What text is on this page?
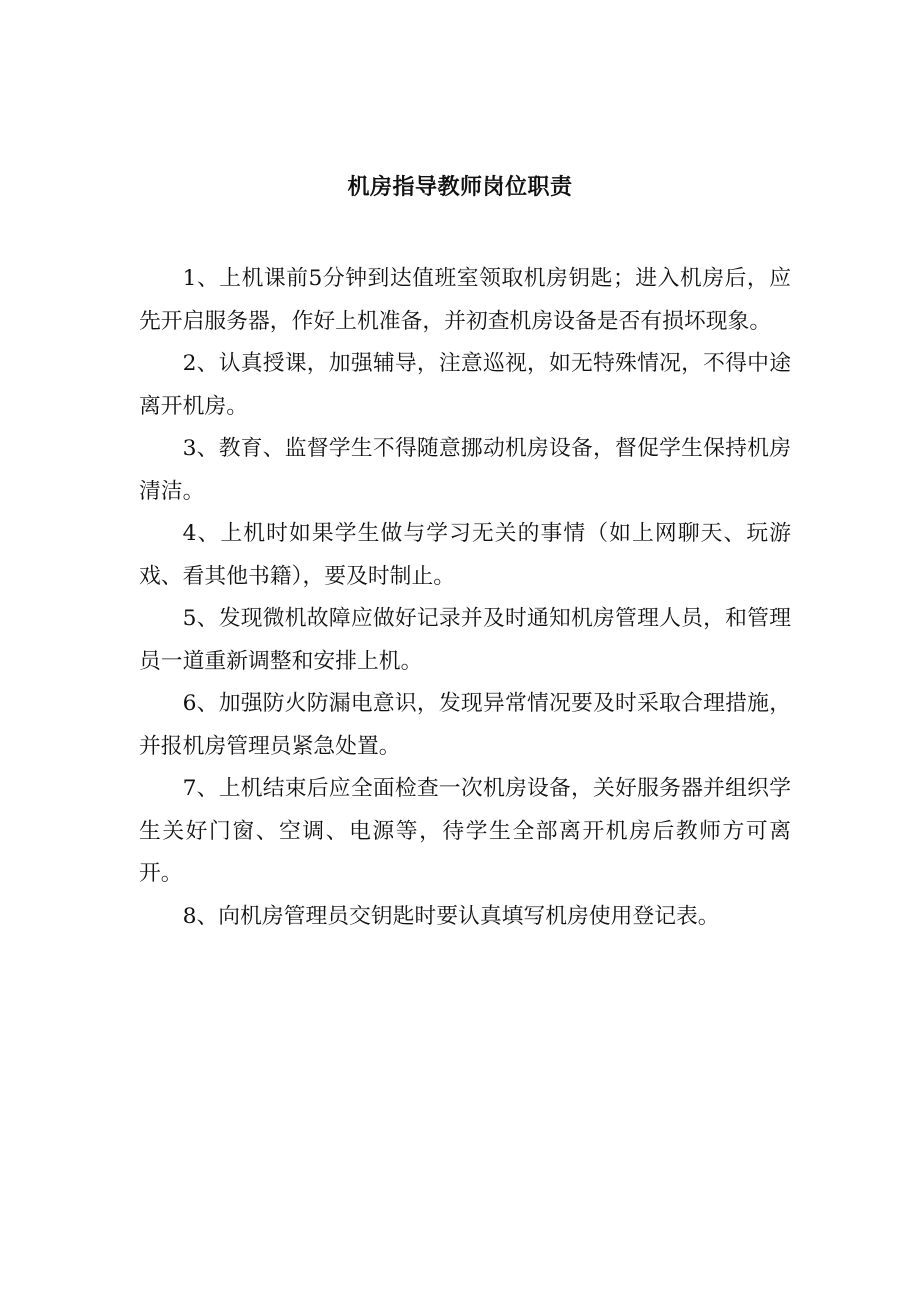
机房指导教师岗位职责

1、上机课前5分钟到达值班室领取机房钥匙；进入机房后，应先开启服务器，作好上机准备，并初查机房设备是否有损坏现象。

2、认真授课，加强辅导，注意巡视，如无特殊情况，不得中途离开机房。

3、教育、监督学生不得随意挪动机房设备，督促学生保持机房清洁。

4、上机时如果学生做与学习无关的事情（如上网聊天、玩游戏、看其他书籍），要及时制止。

5、发现微机故障应做好记录并及时通知机房管理人员，和管理员一道重新调整和安排上机。

6、加强防火防漏电意识，发现异常情况要及时采取合理措施，并报机房管理员紧急处置。

7、上机结束后应全面检查一次机房设备，关好服务器并组织学生关好门窗、空调、电源等，待学生全部离开机房后教师方可离开。

8、向机房管理员交钥匙时要认真填写机房使用登记表。
